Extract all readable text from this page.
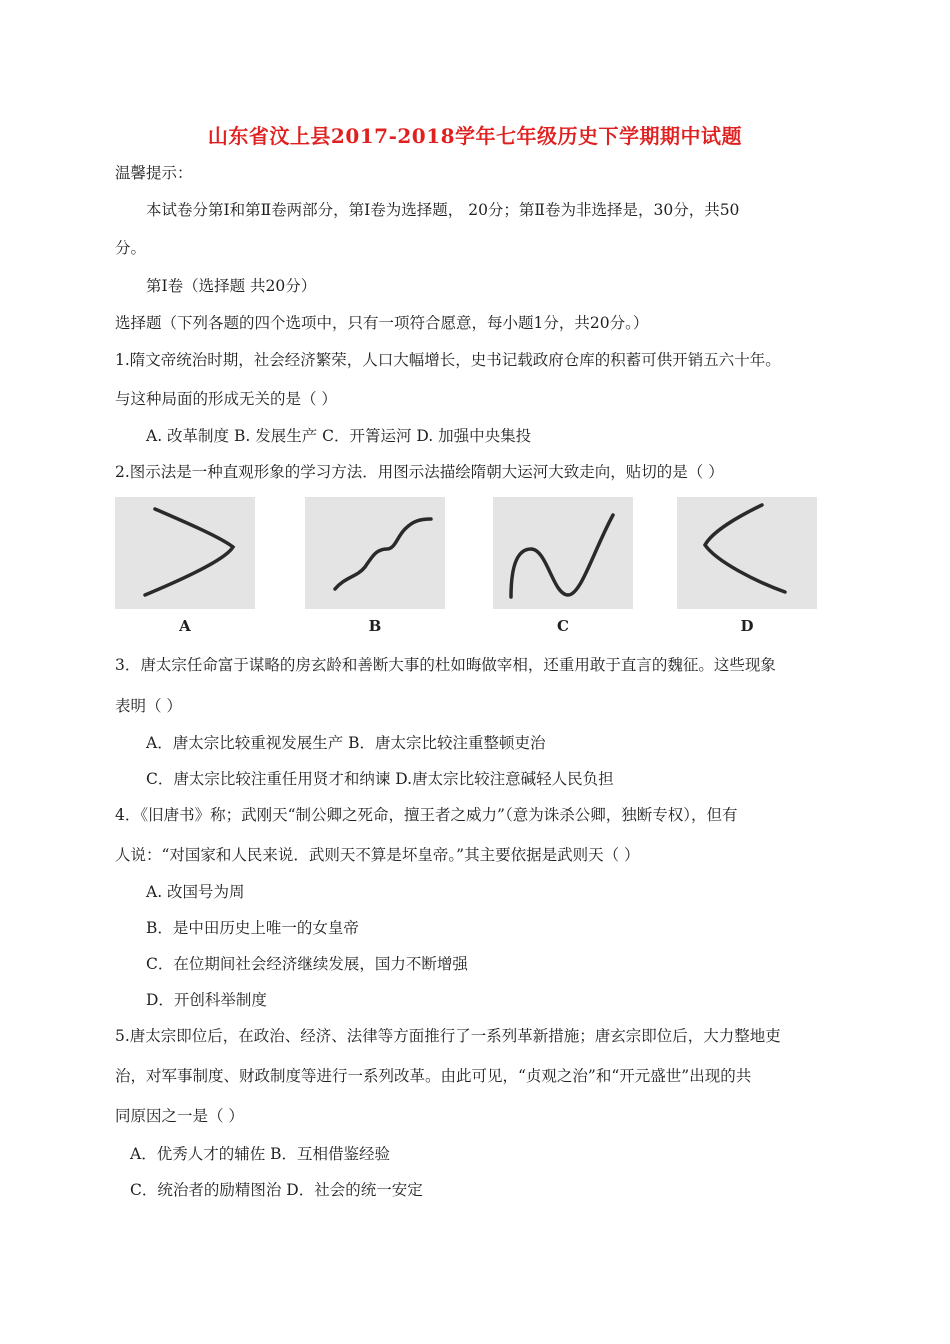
山东省汶上县2017-2018学年七年级历史下学期期中试题
温馨提示：
本试卷分第Ⅰ和第Ⅱ卷两部分，第Ⅰ卷为选择题， 20分；第Ⅱ卷为非选择是，30分，共50
分。
第Ⅰ卷（选择题 共20分）
选择题（下列各题的四个选项中，只有一项符合愿意，每小题1分，共20分。）
1.隋文帝统治时期，社会经济繁荣，人口大幅增长，史书记载政府仓库的积蓄可供开销五六十年。
与这种局面的形成无关的是（ ）
A. 改革制度 B. 发展生产 C．开箐运河 D. 加强中央集投
2.图示法是一种直观形象的学习方法．用图示法描绘隋朝大运河大致走向，贴切的是（ ）
A	B	C	D
3．唐太宗任命富于谋略的房玄龄和善断大事的杜如晦做宰相，还重用敢于直言的魏征。这些现象
表明（ ）
A．唐太宗比较重视发展生产 B．唐太宗比较注重整顿吏治
C．唐太宗比较注重任用贤才和纳谏 D.唐太宗比较注意碱轻人民负担
4．《旧唐书》称；武刚天“制公卿之死命，擅王者之威力”（意为诛杀公卿，独断专权），但有
人说：“对国家和人民来说．武则天不算是坏皇帝。”其主要依据是武则天（ ）
A. 改国号为周
B．是中田历史上唯一的女皇帝
C．在位期间社会经济继续发展，国力不断增强
D．开创科举制度
5.唐太宗即位后，在政治、经济、法律等方面推行了一系列革新措施；唐玄宗即位后，大力整地吏
治，对军事制度、财政制度等进行一系列改革。由此可见，“贞观之治”和“开元盛世”出现的共
同原因之一是（ ）
A．优秀人才的辅佐 B．互相借鉴经验
C．统治者的励精图治 D．社会的统一安定
